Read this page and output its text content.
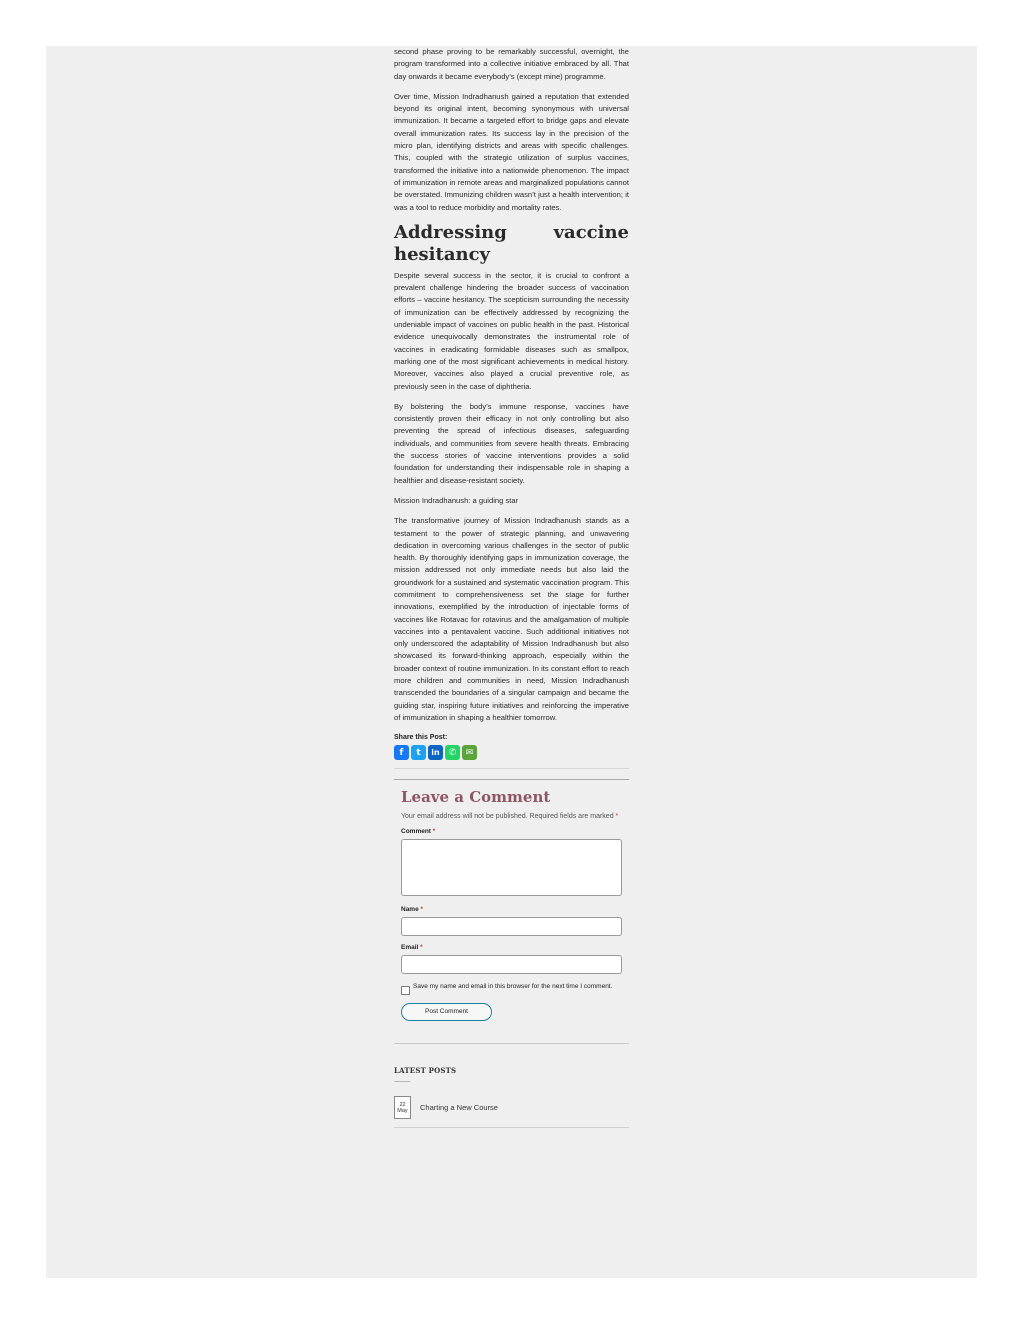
second phase proving to be remarkably successful, overnight, the program transformed into a collective initiative embraced by all. That day onwards it became everybody’s (except mine) programme.

Over time, Mission Indradhanush gained a reputation that extended beyond its original intent, becoming synonymous with universal immunization. It became a targeted effort to bridge gaps and elevate overall immunization rates. Its success lay in the precision of the micro plan, identifying districts and areas with specific challenges. This, coupled with the strategic utilization of surplus vaccines, transformed the initiative into a nationwide phenomenon. The impact of immunization in remote areas and marginalized populations cannot be overstated. Immunizing children wasn’t just a health intervention; it was a tool to reduce morbidity and mortality rates.

Addressing vaccine
hesitancy

Despite several success in the sector, it is crucial to confront a prevalent challenge hindering the broader success of vaccination efforts – vaccine hesitancy. The scepticism surrounding the necessity of immunization can be effectively addressed by recognizing the undeniable impact of vaccines on public health in the past. Historical evidence unequivocally demonstrates the instrumental role of vaccines in eradicating formidable diseases such as smallpox, marking one of the most significant achievements in medical history. Moreover, vaccines also played a crucial preventive role, as previously seen in the case of diphtheria.

By bolstering the body’s immune response, vaccines have consistently proven their efficacy in not only controlling but also preventing the spread of infectious diseases, safeguarding individuals, and communities from severe health threats. Embracing the success stories of vaccine interventions provides a solid foundation for understanding their indispensable role in shaping a healthier and disease-resistant society.

Mission Indradhanush: a guiding star

The transformative journey of Mission Indradhanush stands as a testament to the power of strategic planning, and unwavering dedication in overcoming various challenges in the sector of public health. By thoroughly identifying gaps in immunization coverage, the mission addressed not only immediate needs but also laid the groundwork for a sustained and systematic vaccination program. This commitment to comprehensiveness set the stage for further innovations, exemplified by the introduction of injectable forms of vaccines like Rotavac for rotavirus and the amalgamation of multiple vaccines into a pentavalent vaccine. Such additional initiatives not only underscored the adaptability of Mission Indradhanush but also showcased its forward-thinking approach, especially within the broader context of routine immunization. In its constant effort to reach more children and communities in need, Mission Indradhanush transcended the boundaries of a singular campaign and became the guiding star, inspiring future initiatives and reinforcing the imperative of immunization in shaping a healthier tomorrow.

Share this Post:
f t in ✆ ✉
Leave a Comment
Your email address will not be published. Required fields are marked *
Comment *
Name *
Email *
Save my name and email in this browser for the next time I comment.
Post Comment
LATEST POSTS
22
May	Charting a New Course
